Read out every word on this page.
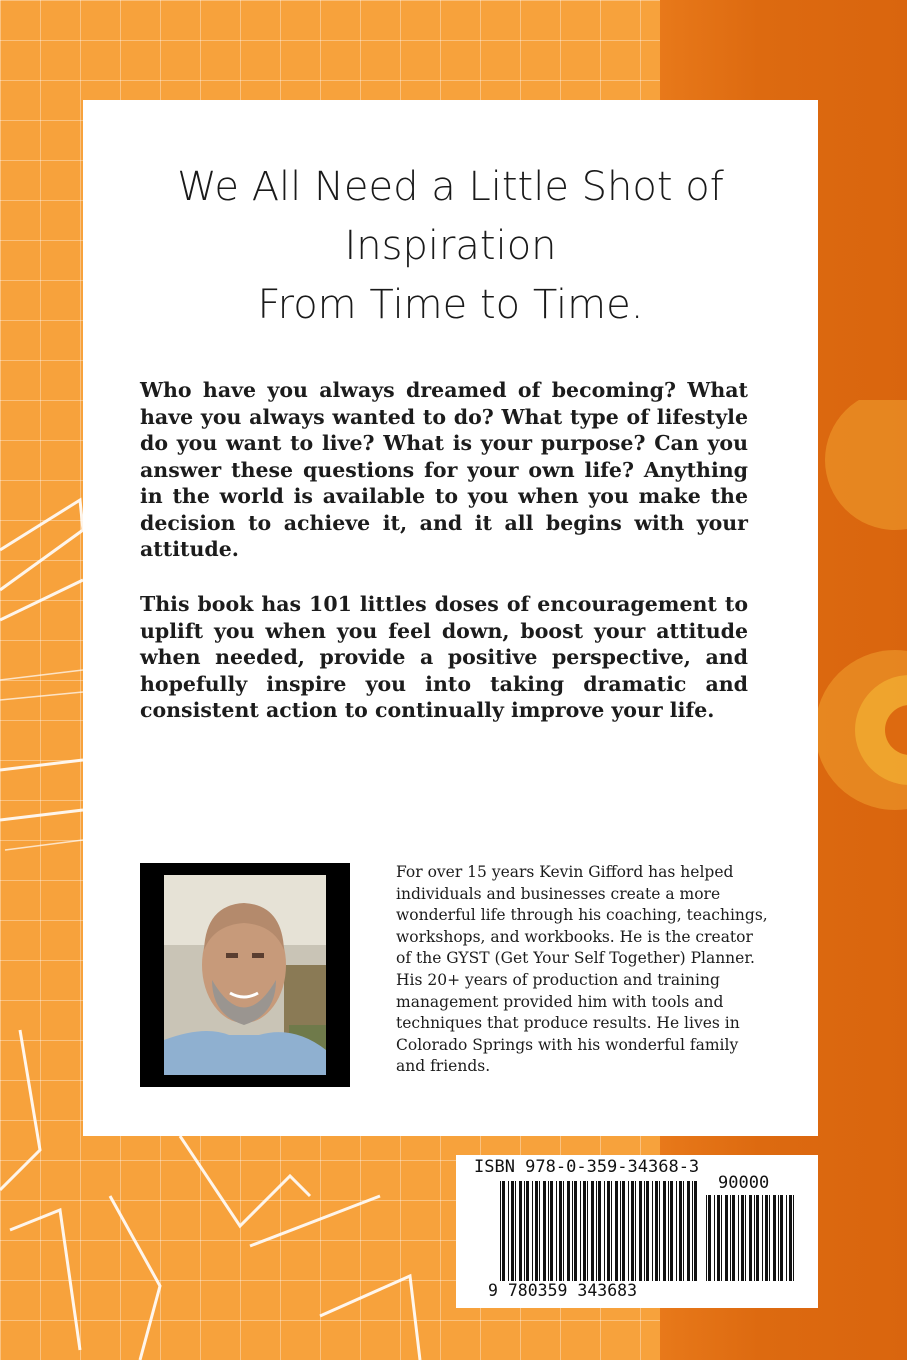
We All Need a Little Shot of
Inspiration
From Time to Time.

Who have you always dreamed of becoming? What have you always wanted to do? What type of lifestyle do you want to live? What is your purpose? Can you answer these questions for your own life? Anything in the world is available to you when you make the decision to achieve it, and it all begins with your attitude.

This book has 101 littles doses of encouragement to uplift you when you feel down, boost your attitude when needed, provide a positive perspective, and hopefully inspire you into taking dramatic and consistent action to continually improve your life.

For over 15 years Kevin Gifford has helped individuals and businesses create a more wonderful life through his coaching, teachings, workshops, and workbooks. He is the creator of the GYST (Get Your Self Together) Planner. His 20+ years of production and training management provided him with tools and techniques that produce results. He lives in Colorado Springs with his wonderful family and friends.

ISBN 978-0-359-34368-3
90000
9 780359 343683
